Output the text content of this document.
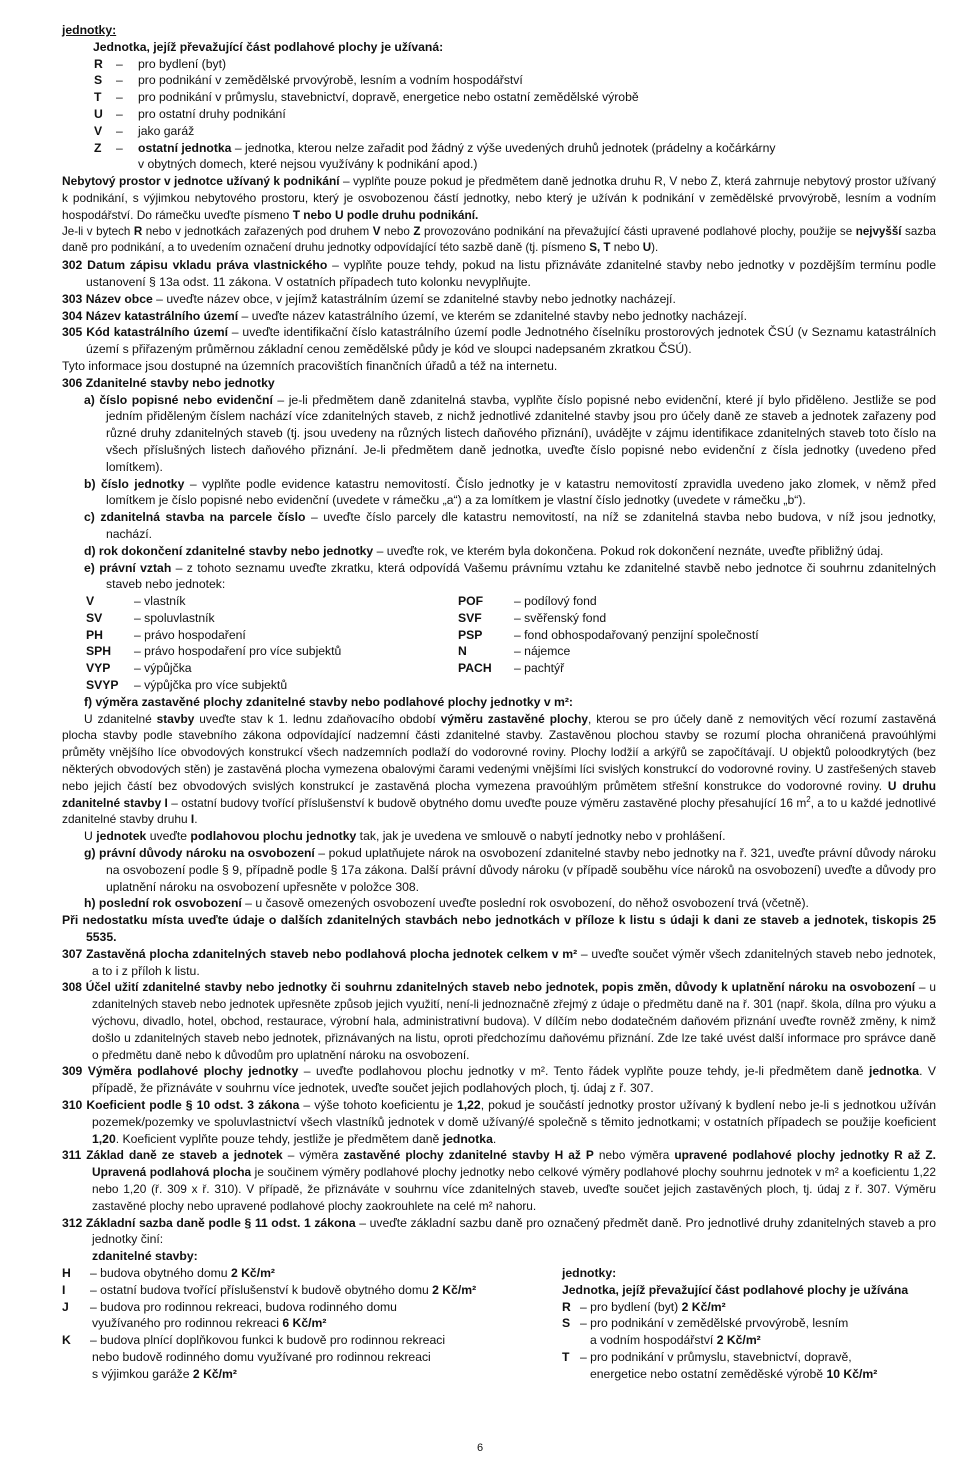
jednotky:

Jednotka, jejíž převažující část podlahové plochy je užívaná:

R – pro bydlení (byt)

S – pro podnikání v zemědělské prvovýrobě, lesním a vodním hospodářství

T – pro podnikání v průmyslu, stavebnictví, dopravě, energetice nebo ostatní zemědělské výrobě

U – pro ostatní druhy podnikání

V – jako garáž

Z – ostatní jednotka – jednotka, kterou nelze zařadit pod žádný z výše uvedených druhů jednotek (prádelny a kočárkárny

v obytných domech, které nejsou využívány k podnikání apod.)

Nebytový prostor v jednotce užívaný k podnikání – vyplňte pouze pokud je předmětem daně jednotka druhu R, V nebo Z, která zahrnuje nebytový prostor užívaný k podnikání, s výjimkou nebytového prostoru, který je osvobozenou částí jednotky, nebo který je užíván k podnikání v zemědělské prvovýrobě, lesním a vodním hospodářství. Do rámečku uveďte písmeno T nebo U podle druhu podnikání.

Je-li v bytech R nebo v jednotkách zařazených pod druhem V nebo Z provozováno podnikání na převažující části upravené podlahové plochy, použije se nejvyšší sazba daně pro podnikání, a to uvedením označení druhu jednotky odpovídající této sazbě daně (tj. písmeno S, T nebo U).

302 Datum zápisu vkladu práva vlastnického – vyplňte pouze tehdy, pokud na listu přiznáváte zdanitelné stavby nebo jednotky v pozdějším termínu podle ustanovení § 13a odst. 11 zákona. V ostatních případech tuto kolonku nevyplňujte.

303 Název obce – uveďte název obce, v jejímž katastrálním území se zdanitelné stavby nebo jednotky nacházejí.

304 Název katastrálního území – uveďte název katastrálního území, ve kterém se zdanitelné stavby nebo jednotky nacházejí.

305 Kód katastrálního území – uveďte identifikační číslo katastrálního území podle Jednotného číselníku prostorových jednotek ČSÚ (v Seznamu katastrálních území s přiřazeným průměrnou základní cenou zemědělské půdy je kód ve sloupci nadepsaném zkratkou ČSÚ).

Tyto informace jsou dostupné na územních pracovištích finančních úřadů a též na internetu.

306 Zdanitelné stavby nebo jednotky

a) číslo popisné nebo evidenční – je-li předmětem daně zdanitelná stavba, vyplňte číslo popisné nebo evidenční, které jí bylo přiděleno. Jestliže se pod jedním přiděleným číslem nachází více zdanitelných staveb, z nichž jednotlivé zdanitelné stavby jsou pro účely daně ze staveb a jednotek zařazeny pod různé druhy zdanitelných staveb (tj. jsou uvedeny na různých listech daňového přiznání), uvádějte v zájmu identifikace zdanitelných staveb toto číslo na všech příslušných listech daňového přiznání. Je-li předmětem daně jednotka, uveďte číslo popisné nebo evidenční z čísla jednotky (uvedeno před lomítkem).

b) číslo jednotky – vyplňte podle evidence katastru nemovitostí. Číslo jednotky je v katastru nemovitostí zpravidla uvedeno jako zlomek, v němž před lomítkem je číslo popisné nebo evidenční (uvedete v rámečku „a“) a za lomítkem je vlastní číslo jednotky (uvedete v rámečku „b“).

c) zdanitelná stavba na parcele číslo – uveďte číslo parcely dle katastru nemovitostí, na níž se zdanitelná stavba nebo budova, v níž jsou jednotky, nachází.

d) rok dokončení zdanitelné stavby nebo jednotky – uveďte rok, ve kterém byla dokončena. Pokud rok dokončení neznáte, uveďte přibližný údaj.

e) právní vztah – z tohoto seznamu uveďte zkratku, která odpovídá Vašemu právnímu vztahu ke zdanitelné stavbě nebo jednotce či souhrnu zdanitelných staveb nebo jednotek:

V	– vlastník
SV	– spoluvlastník
PH	– právo hospodaření
SPH	– právo hospodaření pro více subjektů
VYP	– výpůjčka
SVYP	– výpůjčka pro více subjektů
POF	– podílový fond
SVF	– svěřenský fond
PSP	– fond obhospodařovaný penzijní společností
N	– nájemce
PACH	– pachtýř

f) výměra zastavěné plochy zdanitelné stavby nebo podlahové plochy jednotky v m²:

U zdanitelné stavby uveďte stav k 1. lednu zdaňovacího období výměru zastavěné plochy, kterou se pro účely daně z nemovitých věcí rozumí zastavěná plocha stavby podle stavebního zákona odpovídající nadzemní části zdanitelné stavby. Zastavěnou plochou stavby se rozumí plocha ohraničená pravoúhlými průměty vnějšího líce obvodových konstrukcí všech nadzemních podlaží do vodorovné roviny. Plochy lodžií a arkýřů se započítávají. U objektů poloodkrytých (bez některých obvodových stěn) je zastavěná plocha vymezena obalovými čarami vedenými vnějšími líci svislých konstrukcí do vodorovné roviny. U zastřešených staveb nebo jejich částí bez obvodových svislých konstrukcí je zastavěná plocha vymezena pravoúhlým průmětem střešní konstrukce do vodorovné roviny. U druhu zdanitelné stavby I – ostatní budovy tvořící příslušenství k budově obytného domu uveďte pouze výměru zastavěné plochy přesahující 16 $m^2$, a to u každé jednotlivé zdanitelné stavby druhu I.

U jednotek uveďte podlahovou plochu jednotky tak, jak je uvedena ve smlouvě o nabytí jednotky nebo v prohlášení.

g) právní důvody nároku na osvobození – pokud uplatňujete nárok na osvobození zdanitelné stavby nebo jednotky na ř. 321, uveďte právní důvody nároku na osvobození podle § 9, případně podle § 17a zákona. Další právní důvody nároku (v případě souběhu více nároků na osvobození) uveďte a důvody pro uplatnění nároku na osvobození upřesněte v položce 308.

h) poslední rok osvobození – u časově omezených osvobození uveďte poslední rok osvobození, do něhož osvobození trvá (včetně).

Při nedostatku místa uveďte údaje o dalších zdanitelných stavbách nebo jednotkách v příloze k listu s údaji k dani ze staveb a jednotek, tiskopis 25 5535.

307 Zastavěná plocha zdanitelných staveb nebo podlahová plocha jednotek celkem v m² – uveďte součet výměr všech zdanitelných staveb nebo jednotek, a to i z příloh k listu.

308 Účel užití zdanitelné stavby nebo jednotky či souhrnu zdanitelných staveb nebo jednotek, popis změn, důvody k uplatnění nároku na osvobození – u zdanitelných staveb nebo jednotek upřesněte způsob jejich využití, není-li jednoznačně zřejmý z údaje o předmětu daně na ř. 301 (např. škola, dílna pro výuku a výchovu, divadlo, hotel, obchod, restaurace, výrobní hala, administrativní budova). V dílčím nebo dodatečném daňovém přiznání uveďte rovněž změny, k nimž došlo u zdanitelných staveb nebo jednotek, přiznávaných na listu, oproti předchozímu daňovému přiznání. Zde lze také uvést další informace pro správce daně o předmětu daně nebo k důvodům pro uplatnění nároku na osvobození.

309 Výměra podlahové plochy jednotky – uveďte podlahovou plochu jednotky v m². Tento řádek vyplňte pouze tehdy, je-li předmětem daně jednotka. V případě, že přiznáváte v souhrnu více jednotek, uveďte součet jejich podlahových ploch, tj. údaj z ř. 307.

310 Koeficient podle § 10 odst. 3 zákona – výše tohoto koeficientu je 1,22, pokud je součástí jednotky prostor užívaný k bydlení nebo je-li s jednotkou užíván pozemek/pozemky ve spoluvlastnictví všech vlastníků jednotek v domě užívaný/é společně s těmito jednotkami; v ostatních případech se použije koeficient 1,20. Koeficient vyplňte pouze tehdy, jestliže je předmětem daně jednotka.

311 Základ daně ze staveb a jednotek – výměra zastavěné plochy zdanitelné stavby H až P nebo výměra upravené podlahové plochy jednotky R až Z. Upravená podlahová plocha je součinem výměry podlahové plochy jednotky nebo celkové výměry podlahové plochy souhrnu jednotek v m² a koeficientu 1,22 nebo 1,20 (ř. 309 x ř. 310). V případě, že přiznáváte v souhrnu více zdanitelných staveb, uveďte součet jejich zastavěných ploch, tj. údaj z ř. 307. Výměru zastavěné plochy nebo upravené podlahové plochy zaokrouhlete na celé m² nahoru.

312 Základní sazba daně podle § 11 odst. 1 zákona – uveďte základní sazbu daně pro označený předmět daně. Pro jednotlivé druhy zdanitelných staveb a pro jednotky činí:

zdanitelné stavby:

H	– budova obytného domu 2 Kč/m²
I	– ostatní budova tvořící příslušenství k budově obytného domu 2 Kč/m²
J	– budova pro rodinnou rekreaci, budova rodinného domu
využívaného pro rodinnou rekreaci 6 Kč/m²
K	– budova plnící doplňkovou funkci k budově pro rodinnou rekreaci
nebo budově rodinného domu využívané pro rodinnou rekreaci
s výjimkou garáže 2 Kč/m²

jednotky:

Jednotka, jejíž převažující část podlahové plochy je užívána

R – pro bydlení (byt) 2 Kč/m²
S – pro podnikání v zemědělské prvovýrobě, lesním
a vodním hospodářství 2 Kč/m²
T – pro podnikání v průmyslu, stavebnictví, dopravě,
energetice nebo ostatní zeměděské výrobě 10 Kč/m²
6
